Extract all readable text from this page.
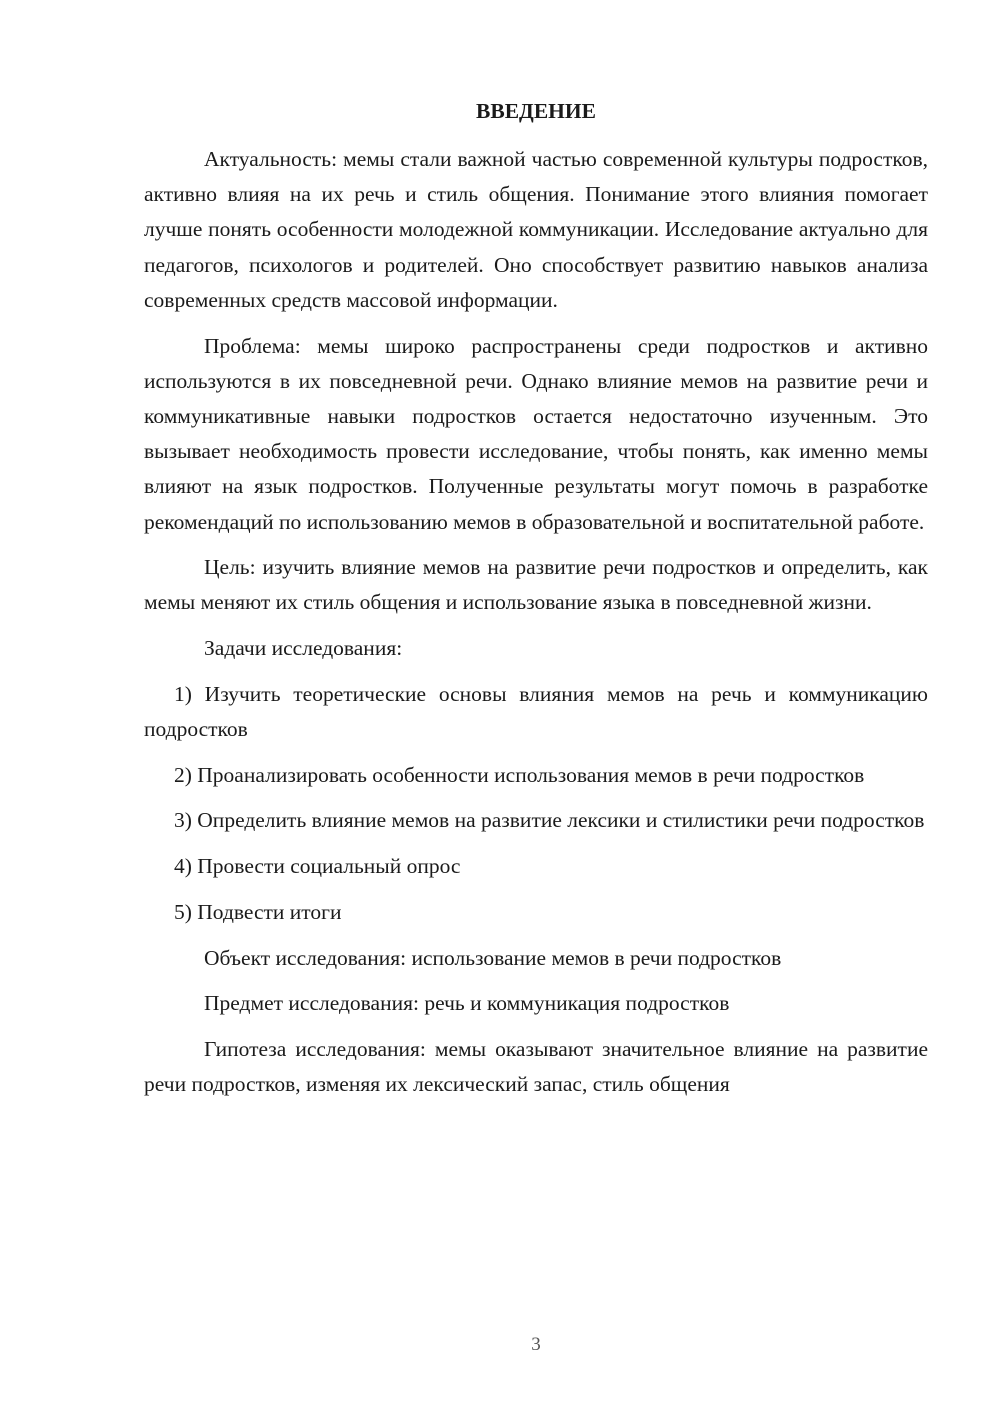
ВВЕДЕНИЕ

Актуальность: мемы стали важной частью современной культуры подростков, активно влияя на их речь и стиль общения. Понимание этого влияния помогает лучше понять особенности молодежной коммуникации. Исследование актуально для педагогов, психологов и родителей. Оно способствует развитию навыков анализа современных средств массовой информации.

Проблема: мемы широко распространены среди подростков и активно используются в их повседневной речи. Однако влияние мемов на развитие речи и коммуникативные навыки подростков остается недостаточно изученным. Это вызывает необходимость провести исследование, чтобы понять, как именно мемы влияют на язык подростков. Полученные результаты могут помочь в разработке рекомендаций по использованию мемов в образовательной и воспитательной работе.

Цель: изучить влияние мемов на развитие речи подростков и определить, как мемы меняют их стиль общения и использование языка в повседневной жизни.

Задачи исследования:

1) Изучить теоретические основы влияния мемов на речь и коммуникацию подростков

2) Проанализировать особенности использования мемов в речи подростков

3) Определить влияние мемов на развитие лексики и стилистики речи подростков

4) Провести социальный опрос

5) Подвести итоги

Объект исследования: использование мемов в речи подростков

Предмет исследования: речь и коммуникация подростков

Гипотеза исследования: мемы оказывают значительное влияние на развитие речи подростков, изменяя их лексический запас, стиль общения

3
